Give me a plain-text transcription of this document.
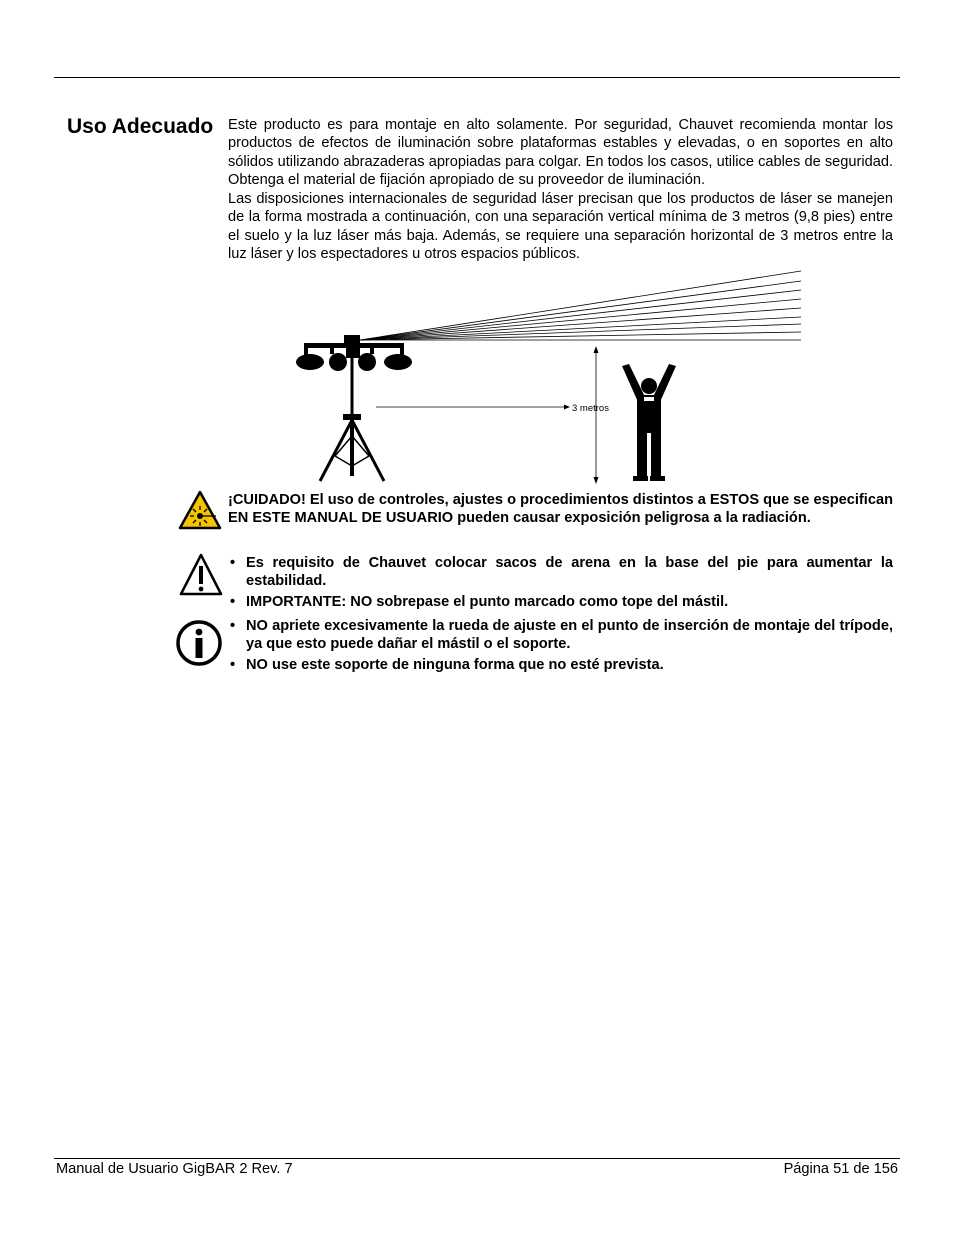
Uso Adecuado Este producto es para montaje en alto solamente. Por seguridad, Chauvet recomienda montar los productos de efectos de iluminación sobre plataformas estables y elevadas, o en soportes en alto sólidos utilizando abrazaderas apropiadas para colgar. En todos los casos, utilice cables de seguridad. Obtenga el material de fijación apropiado de su proveedor de iluminación.

Las disposiciones internacionales de seguridad láser precisan que los productos de láser se manejen de la forma mostrada a continuación, con una separación vertical mínima de 3 metros (9,8 pies) entre el suelo y la luz láser más baja. Además, se requiere una separación horizontal de 3 metros entre la luz láser y los espectadores u otros espacios públicos.

3 metros

¡CUIDADO! El uso de controles, ajustes o procedimientos distintos a ESTOS que se especifican EN ESTE MANUAL DE USUARIO pueden causar exposición peligrosa a la radiación.

• Es requisito de Chauvet colocar sacos de arena en la base del pie para aumentar la estabilidad.
• IMPORTANTE: NO sobrepase el punto marcado como tope del mástil.
• NO apriete excesivamente la rueda de ajuste en el punto de inserción de montaje del trípode, ya que esto puede dañar el mástil o el soporte.
• NO use este soporte de ninguna forma que no esté prevista.
Manual de Usuario GigBAR 2 Rev. 7	Página 51 de 156
